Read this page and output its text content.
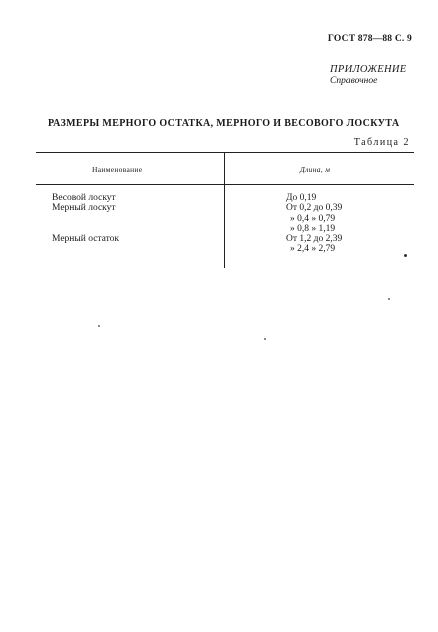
ГОСТ 878—88 С. 9
ПРИЛОЖЕНИЕ
Справочное
РАЗМЕРЫ МЕРНОГО ОСТАТКА, МЕРНОГО И ВЕСОВОГО ЛОСКУТА
Таблица 2
Наименование	Длина, м
Весовой лоскут
Мерный лоскут
Мерный остаток
До 0,19
От 0,2 до 0,39
» 0,4 » 0,79
» 0,8 » 1,19
От 1,2 до 2,39
» 2,4 » 2,79
